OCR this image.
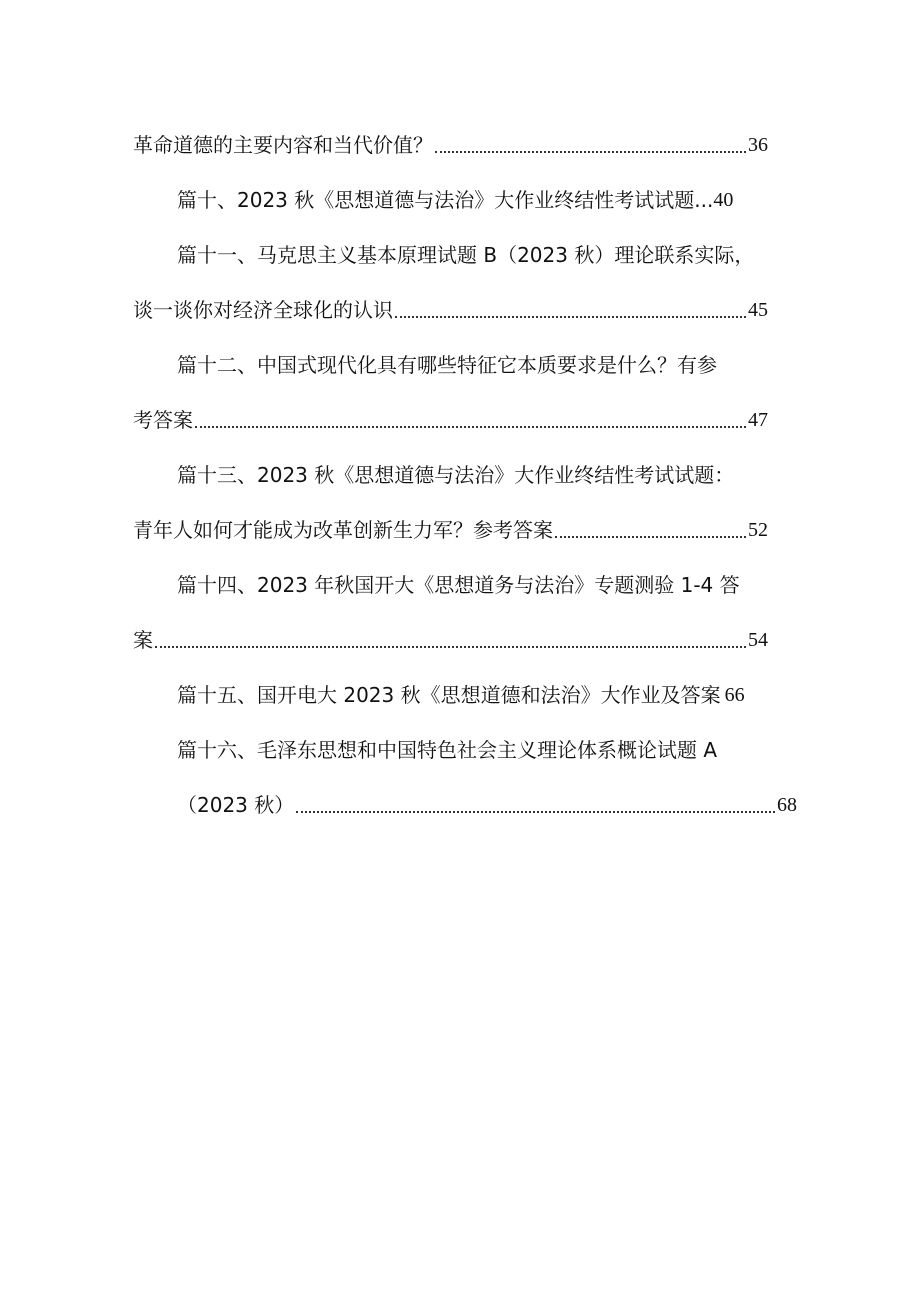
革命道德的主要内容和当代价值？	36
篇十、2023 秋《思想道德与法治》大作业终结性考试试题 ... 40
篇十一、马克思主义基本原理试题 B（2023 秋）理论联系实际，
谈一谈你对经济全球化的认识	45
篇十二、中国式现代化具有哪些特征它本质要求是什么？有参
考答案	47
篇十三、2023 秋《思想道德与法治》大作业终结性考试试题：
青年人如何才能成为改革创新生力军？参考答案	52
篇十四、2023 年秋国开大《思想道务与法治》专题测验 1-4 答
案	54
篇十五、国开电大 2023 秋《思想道德和法治》大作业及答案 66
篇十六、毛泽东思想和中国特色社会主义理论体系概论试题 A
（2023 秋）	68
